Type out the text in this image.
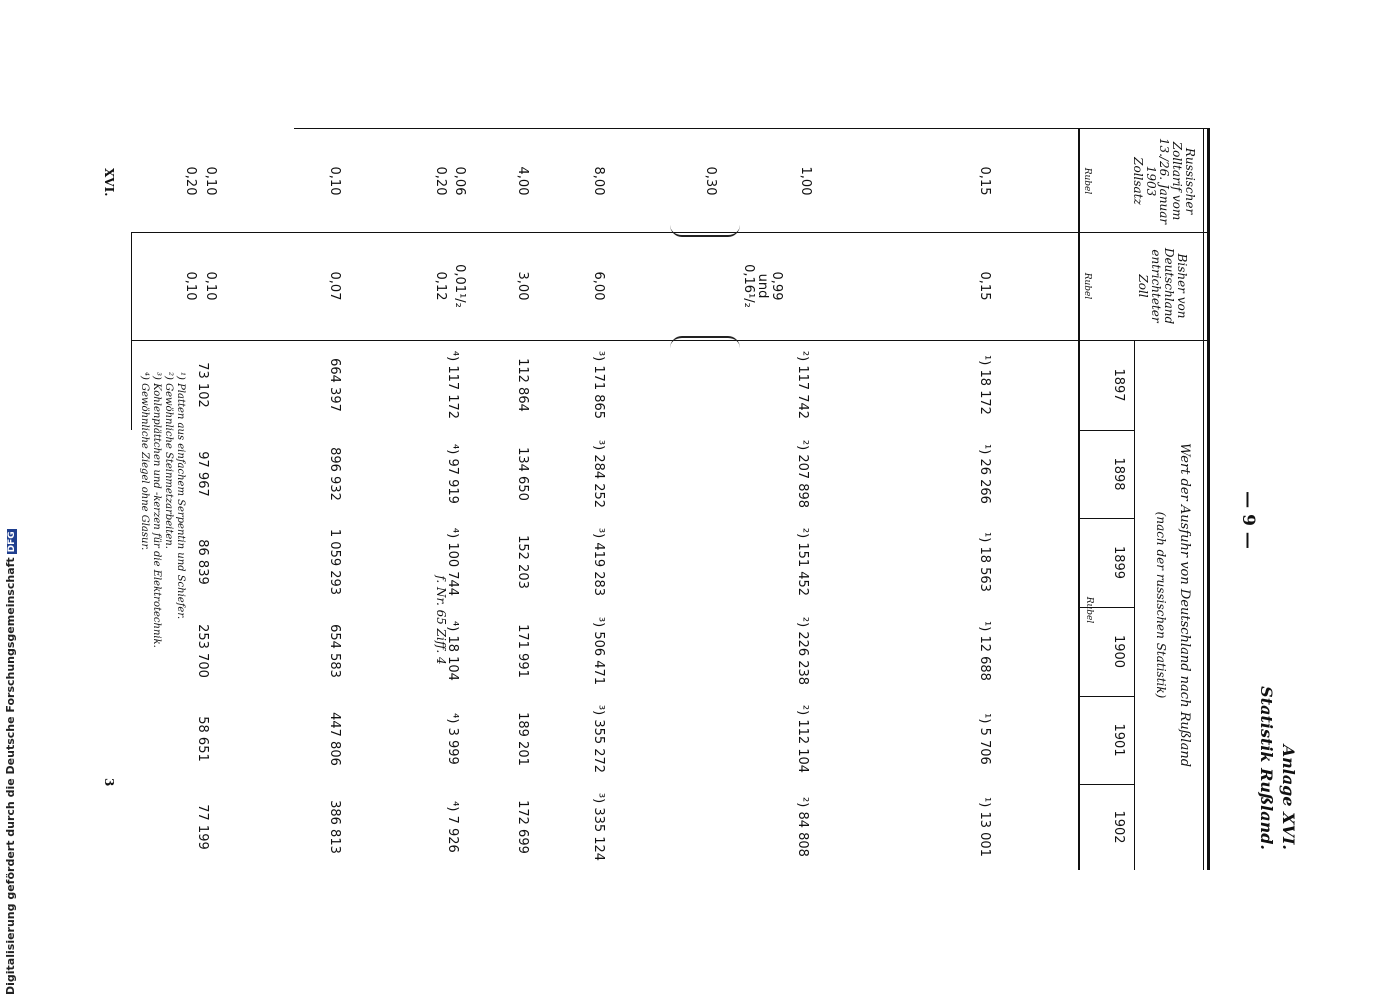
Digitalisierung gefördert durch die Deutsche ForschungsgemeinschaftDFG	— 9 —
Anlage XVI.
Statistik Rußland.
Russischer
Zolltarif vom
13./26. Januar
1903
Zollsatz
Rubel
Bisher von
Deutschland
entrichteter
Zoll
Rubel
Wert der Ausfuhr von Deutschland nach Rußland
(nach der russischen Statistik)
1897
1898
1899
1900
1901
1902
Rubel
0,15
0,15
¹) 18 172
¹) 26 266
¹) 18 563
¹) 12 688
¹) 5 706
¹) 13 001
1,00
0,30
0,99
und
0,16¹/₂
²) 117 742
²) 207 898
²) 151 452
²) 226 238
²) 112 104
²) 84 808
8,00
6,00
³) 171 865
³) 284 252
³) 419 283
³) 506 471
³) 355 272
³) 335 124
4,00
3,00
112 864
134 650
152 203
171 991
189 201
172 699
0,06
0,20
0,01¹/₂
0,12
⁴) 117 172
⁴) 97 919
⁴) 100 744
⁴) 18 104
⁴) 3 999
⁴) 7 926
f. Nr. 65 Ziff. 4
0,10
0,07
664 397
896 932
1 059 293
654 583
447 806
386 813
0,10
0,20
0,10
0,10
73 102
97 967
86 839
253 700
58 651
77 199
¹) Platten aus einfachem Serpentin und Schiefer.
²) Gewöhnliche Steinmetzarbeiten.
³) Kohlenplättchen und -kerzen für die Elektrotechnik.
⁴) Gewöhnliche Ziegel ohne Glasur.
XVI.
3
